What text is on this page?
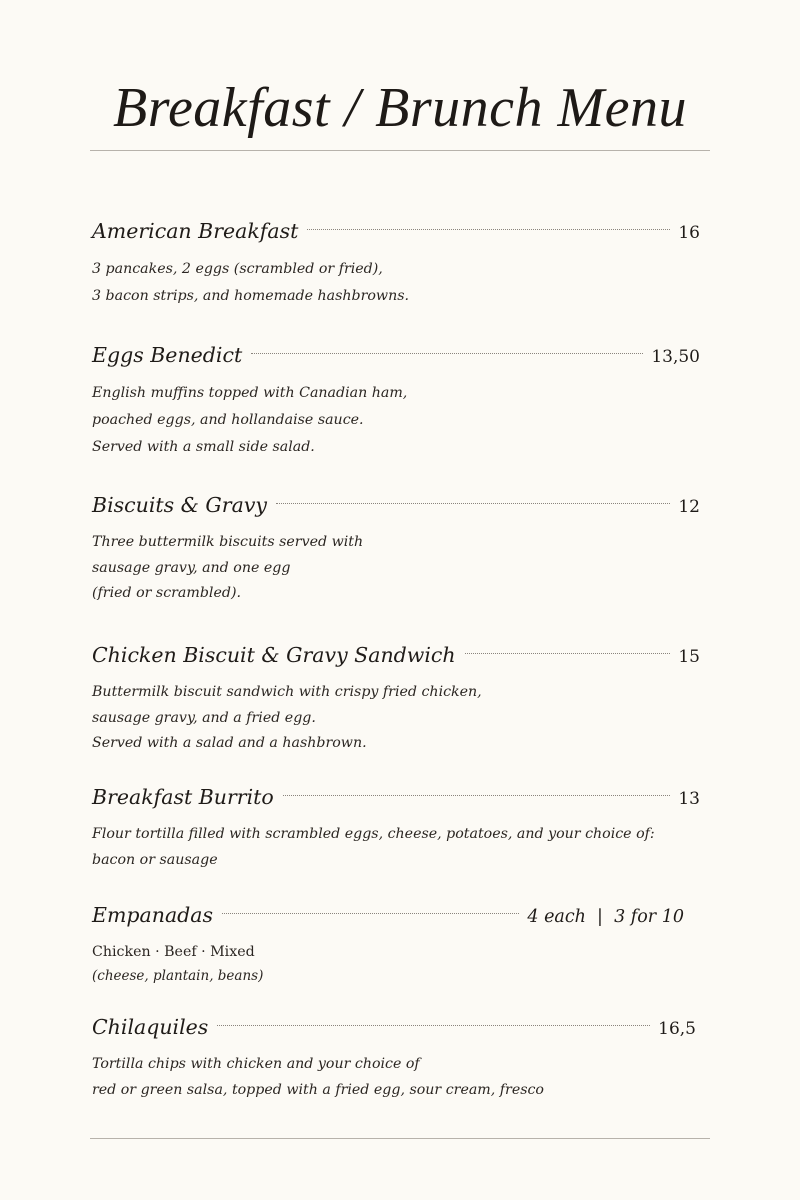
Breakfast / Brunch Menu
American Breakfast	16
3 pancakes, 2 eggs (scrambled or fried),
3 bacon strips, and homemade hashbrowns.
Eggs Benedict	13,50
English muffins topped with Canadian ham,
poached eggs, and hollandaise sauce.
Served with a small side salad.
Biscuits & Gravy	12
Three buttermilk biscuits served with
sausage gravy, and one egg
(fried or scrambled).
Chicken Biscuit & Gravy Sandwich	15
Buttermilk biscuit sandwich with crispy fried chicken,
sausage gravy, and a fried egg.
Served with a salad and a hashbrown.
Breakfast Burrito	13
Flour tortilla filled with scrambled eggs, cheese, potatoes, and your choice of:
bacon or sausage
Empanadas	4 each  |  3 for 10
Chicken · Beef · Mixed
(cheese, plantain, beans)
Chilaquiles	16,5
Tortilla chips with chicken and your choice of
red or green salsa, topped with a fried egg, sour cream, fresco
